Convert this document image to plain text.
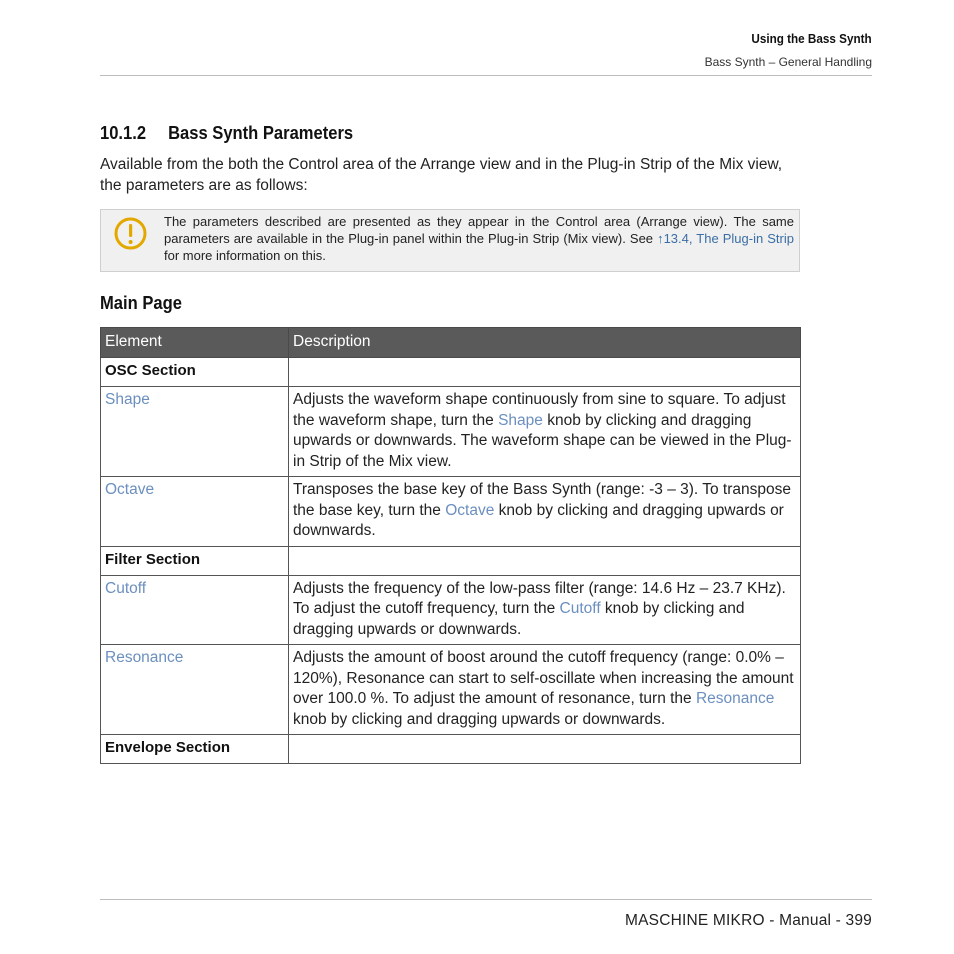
Using the Bass Synth
Bass Synth – General Handling
10.1.2 Bass Synth Parameters
Available from the both the Control area of the Arrange view and in the Plug-in Strip of the Mix view, the parameters are as follows:
The parameters described are presented as they appear in the Control area (Arrange view). The same parameters are available in the Plug-in panel within the Plug-in Strip (Mix view). See ↑13.4, The Plug-in Strip for more information on this.
Main Page
Element	Description
OSC Section	
Shape	Adjusts the waveform shape continuously from sine to square. To adjust the waveform shape, turn the Shape knob by clicking and dragging upwards or downwards. The waveform shape can be viewed in the Plug-in Strip of the Mix view.
Octave	Transposes the base key of the Bass Synth (range: -3 – 3). To transpose the base key, turn the Octave knob by clicking and dragging upwards or downwards.
Filter Section	
Cutoff	Adjusts the frequency of the low-pass filter (range: 14.6 Hz – 23.7 KHz). To adjust the cutoff frequency, turn the Cutoff knob by clicking and dragging upwards or downwards.
Resonance	Adjusts the amount of boost around the cutoff frequency (range: 0.0% – 120%), Resonance can start to self-oscillate when increasing the amount over 100.0 %. To adjust the amount of resonance, turn the Resonance knob by clicking and dragging upwards or downwards.
Envelope Section	
MASCHINE MIKRO - Manual - 399
